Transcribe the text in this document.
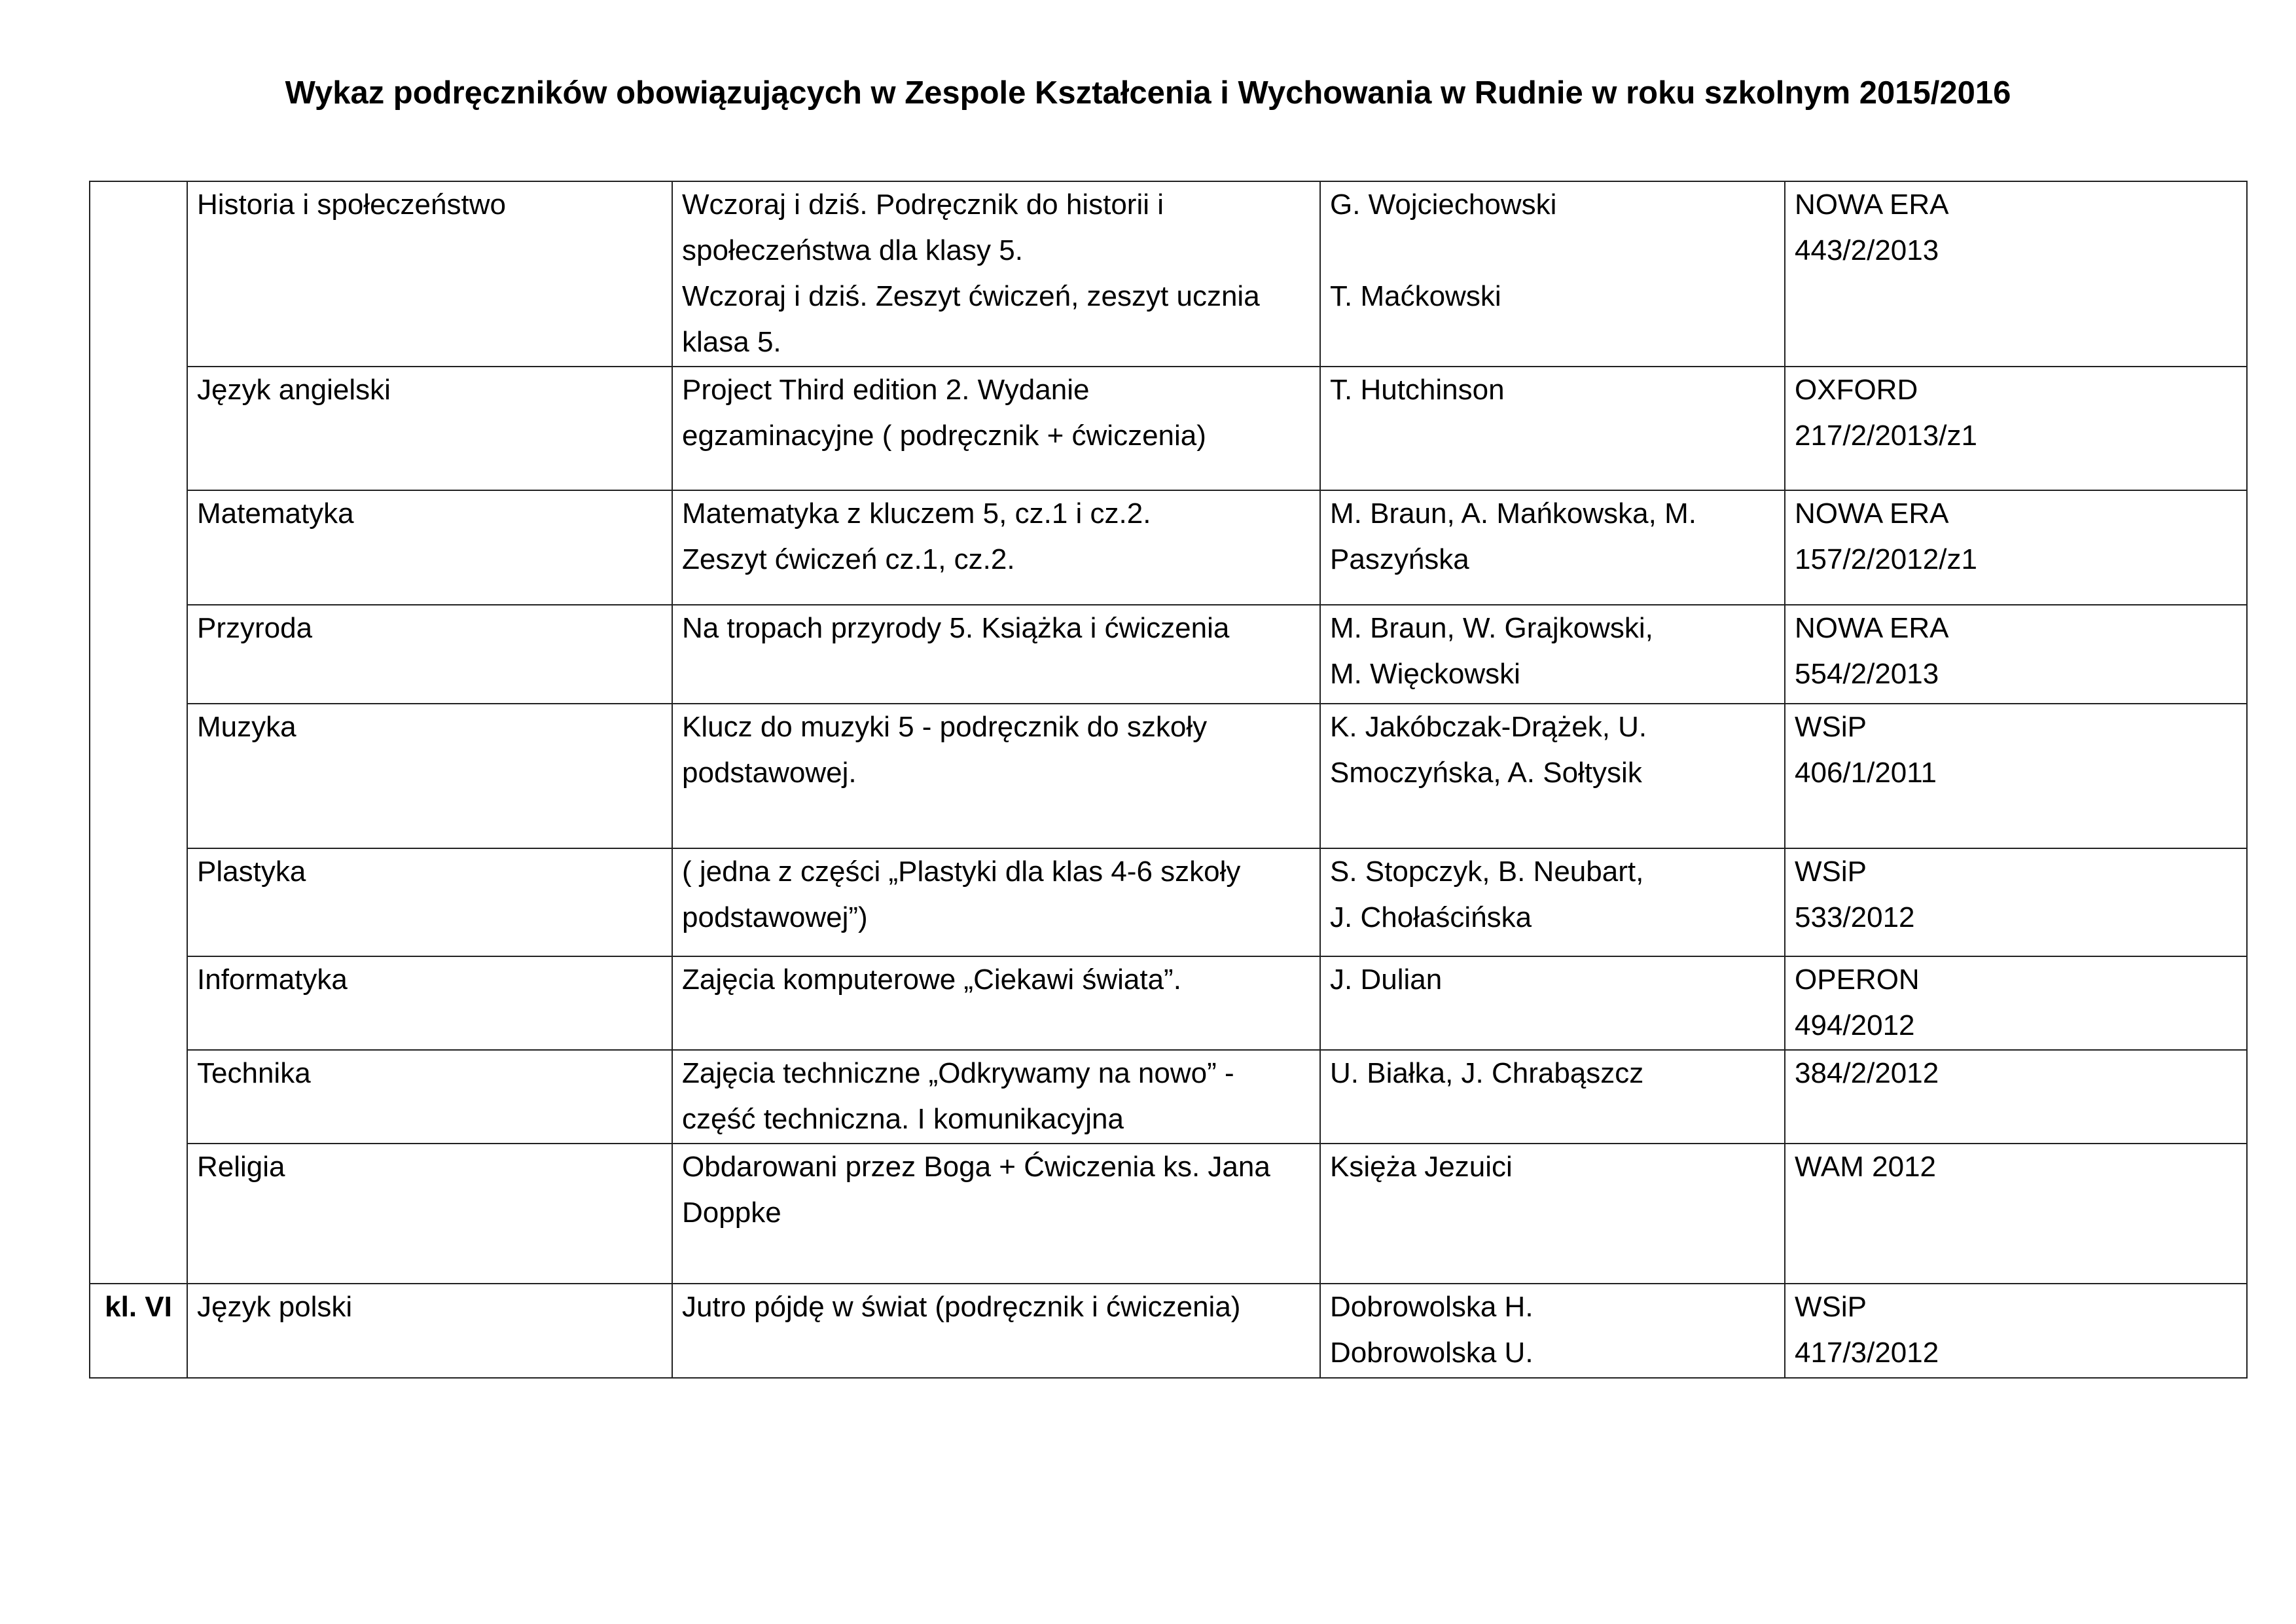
Wykaz podręczników obowiązujących w Zespole Kształcenia i Wychowania w Rudnie w roku szkolnym 2015/2016
	Historia i społeczeństwo	Wczoraj i dziś. Podręcznik do historii i
społeczeństwa dla klasy 5.
Wczoraj i dziś. Zeszyt ćwiczeń, zeszyt ucznia
klasa 5.	G. Wojciechowski
T. Maćkowski	NOWA ERA
443/2/2013

	Język angielski	Project Third edition 2. Wydanie
egzaminacyjne ( podręcznik + ćwiczenia)	T. Hutchinson	OXFORD
217/2/2013/z1

	Matematyka	Matematyka z kluczem 5, cz.1 i cz.2.
Zeszyt ćwiczeń cz.1, cz.2.	M. Braun, A. Mańkowska, M.
Paszyńska	NOWA ERA
157/2/2012/z1

	Przyroda	Na tropach przyrody 5. Książka i ćwiczenia	M. Braun, W. Grajkowski,
M. Więckowski	NOWA ERA
554/2/2013

	Muzyka	Klucz do muzyki 5 - podręcznik do szkoły
podstawowej.	K. Jakóbczak-Drążek, U.
Smoczyńska, A. Sołtysik	WSiP
406/1/2011

	Plastyka	( jedna z części „Plastyki dla klas 4-6 szkoły
podstawowej”)	S. Stopczyk, B. Neubart,
J. Chołaścińska	WSiP
533/2012

	Informatyka	Zajęcia komputerowe „Ciekawi świata”.	J. Dulian	OPERON
494/2012

	Technika	Zajęcia techniczne „Odkrywamy na nowo” -
część techniczna. I komunikacyjna	U. Białka, J. Chrabąszcz	384/2/2012

	Religia	Obdarowani przez Boga + Ćwiczenia ks. Jana
Doppke	Księża Jezuici	WAM 2012

kl. VI	Język polski	Jutro pójdę w świat (podręcznik i ćwiczenia)	Dobrowolska H.
Dobrowolska U.	WSiP
417/3/2012
